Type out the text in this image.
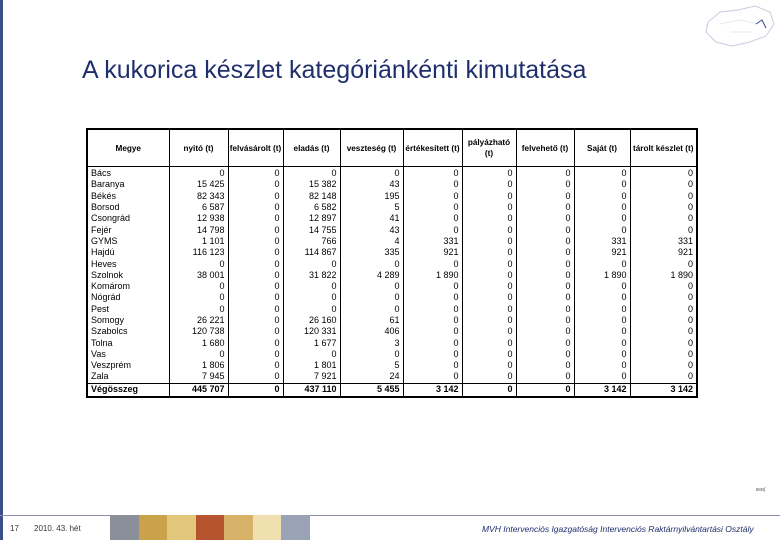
A kukorica készlet kategóriánkénti kimutatása
Megye	nyitó (t)	felvásárolt (t)	eladás (t)	veszteség (t)	értékesített (t)	pályázható (t)	felvehető (t)	Saját (t)	tárolt készlet (t)
Bács	0	0	0	0	0	0	0	0	0
Baranya	15 425	0	15 382	43	0	0	0	0	0
Békés	82 343	0	82 148	195	0	0	0	0	0
Borsod	6 587	0	6 582	5	0	0	0	0	0
Csongrád	12 938	0	12 897	41	0	0	0	0	0
Fejér	14 798	0	14 755	43	0	0	0	0	0
GYMS	1 101	0	766	4	331	0	0	331	331
Hajdú	116 123	0	114 867	335	921	0	0	921	921
Heves	0	0	0	0	0	0	0	0	0
Szolnok	38 001	0	31 822	4 289	1 890	0	0	1 890	1 890
Komárom	0	0	0	0	0	0	0	0	0
Nógrád	0	0	0	0	0	0	0	0	0
Pest	0	0	0	0	0	0	0	0	0
Somogy	26 221	0	26 160	61	0	0	0	0	0
Szabolcs	120 738	0	120 331	406	0	0	0	0	0
Tolna	1 680	0	1 677	3	0	0	0	0	0
Vas	0	0	0	0	0	0	0	0	0
Veszprém	1 806	0	1 801	5	0	0	0	0	0
Zala	7 945	0	7 921	24	0	0	0	0	0
Végösszeg	445 707	0	437 110	5 455	3 142	0	0	3 142	3 142
ιιιιιιι(
17 2010. 43. hét	MVH Intervenciós Igazgatóság Intervenciós Raktárnyilvántartási Osztály
